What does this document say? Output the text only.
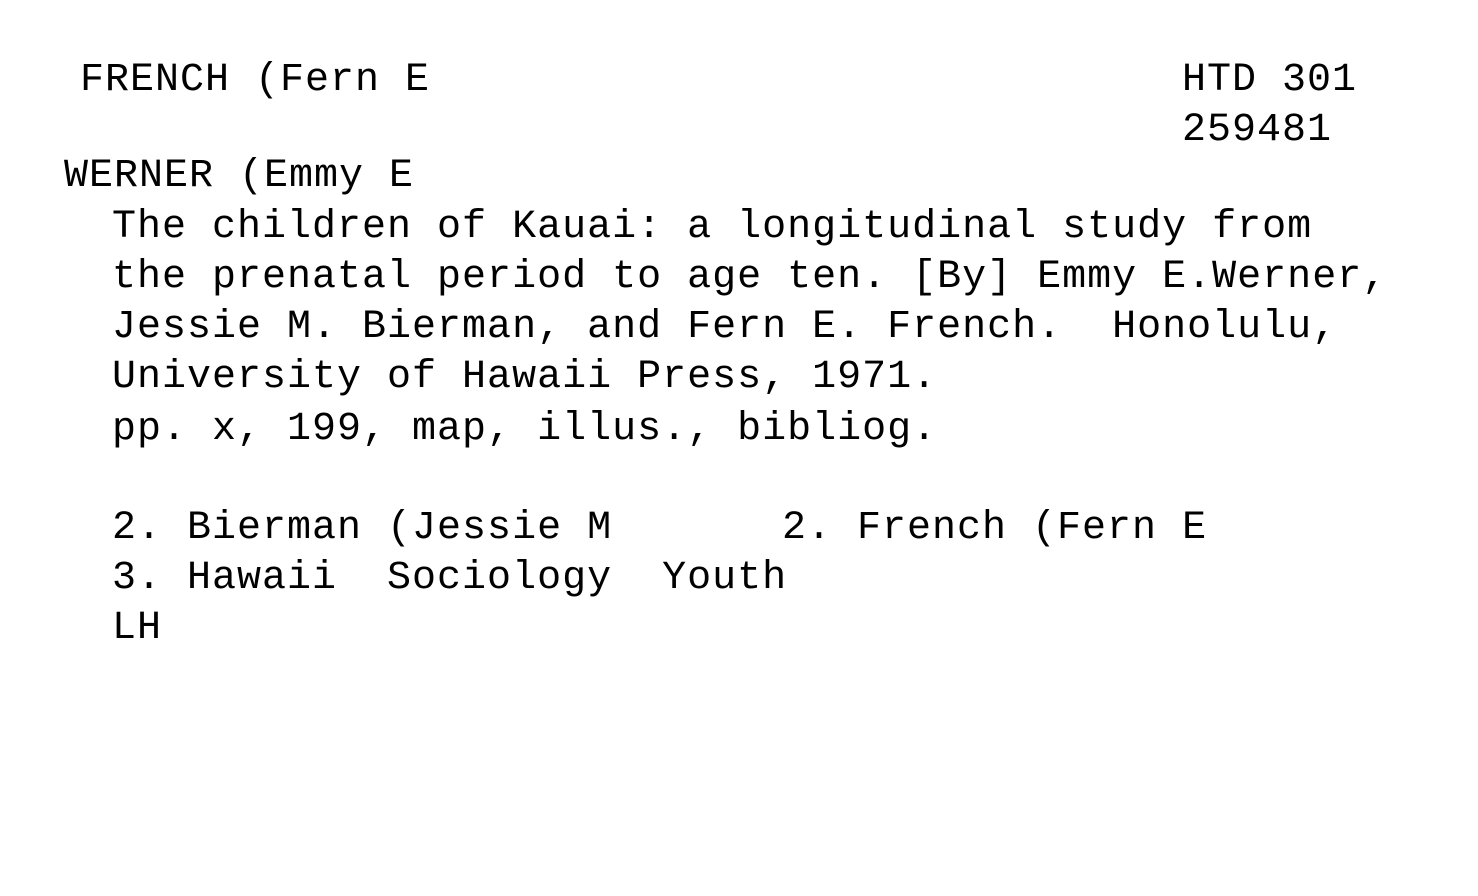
FRENCH (Fern E	HTD 301
259481
WERNER (Emmy E
The children of Kauai: a longitudinal study from
the prenatal period to age ten. [By] Emmy E.Werner,
Jessie M. Bierman, and Fern E. French.  Honolulu,
University of Hawaii Press, 1971.
pp. x, 199, map, illus., bibliog.
2. Bierman (Jessie M	2. French (Fern E
3. Hawaii  Sociology  Youth
LH
